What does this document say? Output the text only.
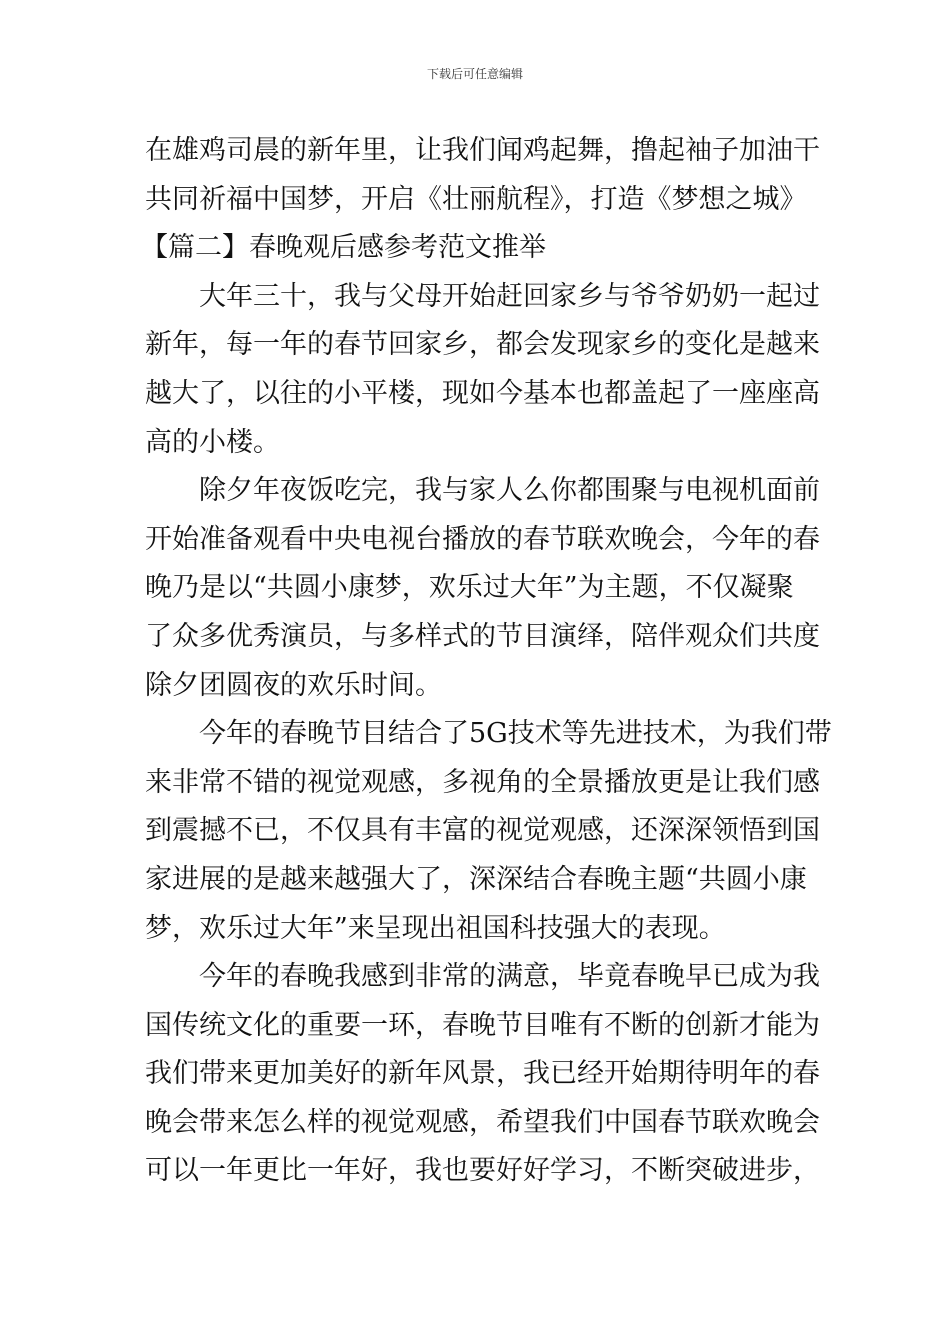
下载后可任意编辑
在雄鸡司晨的新年里，让我们闻鸡起舞，撸起袖子加油干
共同祈福中国梦，开启《壮丽航程》，打造《梦想之城》
【篇二】春晚观后感参考范文推举
大年三十，我与父母开始赶回家乡与爷爷奶奶一起过
新年，每一年的春节回家乡，都会发现家乡的变化是越来
越大了，以往的小平楼，现如今基本也都盖起了一座座高
高的小楼。
除夕年夜饭吃完，我与家人么你都围聚与电视机面前
开始准备观看中央电视台播放的春节联欢晚会，今年的春
晚乃是以“共圆小康梦，欢乐过大年”为主题，不仅凝聚
了众多优秀演员，与多样式的节目演绎，陪伴观众们共度
除夕团圆夜的欢乐时间。
今年的春晚节目结合了5G技术等先进技术，为我们带
来非常不错的视觉观感，多视角的全景播放更是让我们感
到震撼不已，不仅具有丰富的视觉观感，还深深领悟到国
家进展的是越来越强大了，深深结合春晚主题“共圆小康
梦，欢乐过大年”来呈现出祖国科技强大的表现。
今年的春晚我感到非常的满意，毕竟春晚早已成为我
国传统文化的重要一环，春晚节目唯有不断的创新才能为
我们带来更加美好的新年风景，我已经开始期待明年的春
晚会带来怎么样的视觉观感，希望我们中国春节联欢晚会
可以一年更比一年好，我也要好好学习，不断突破进步，
